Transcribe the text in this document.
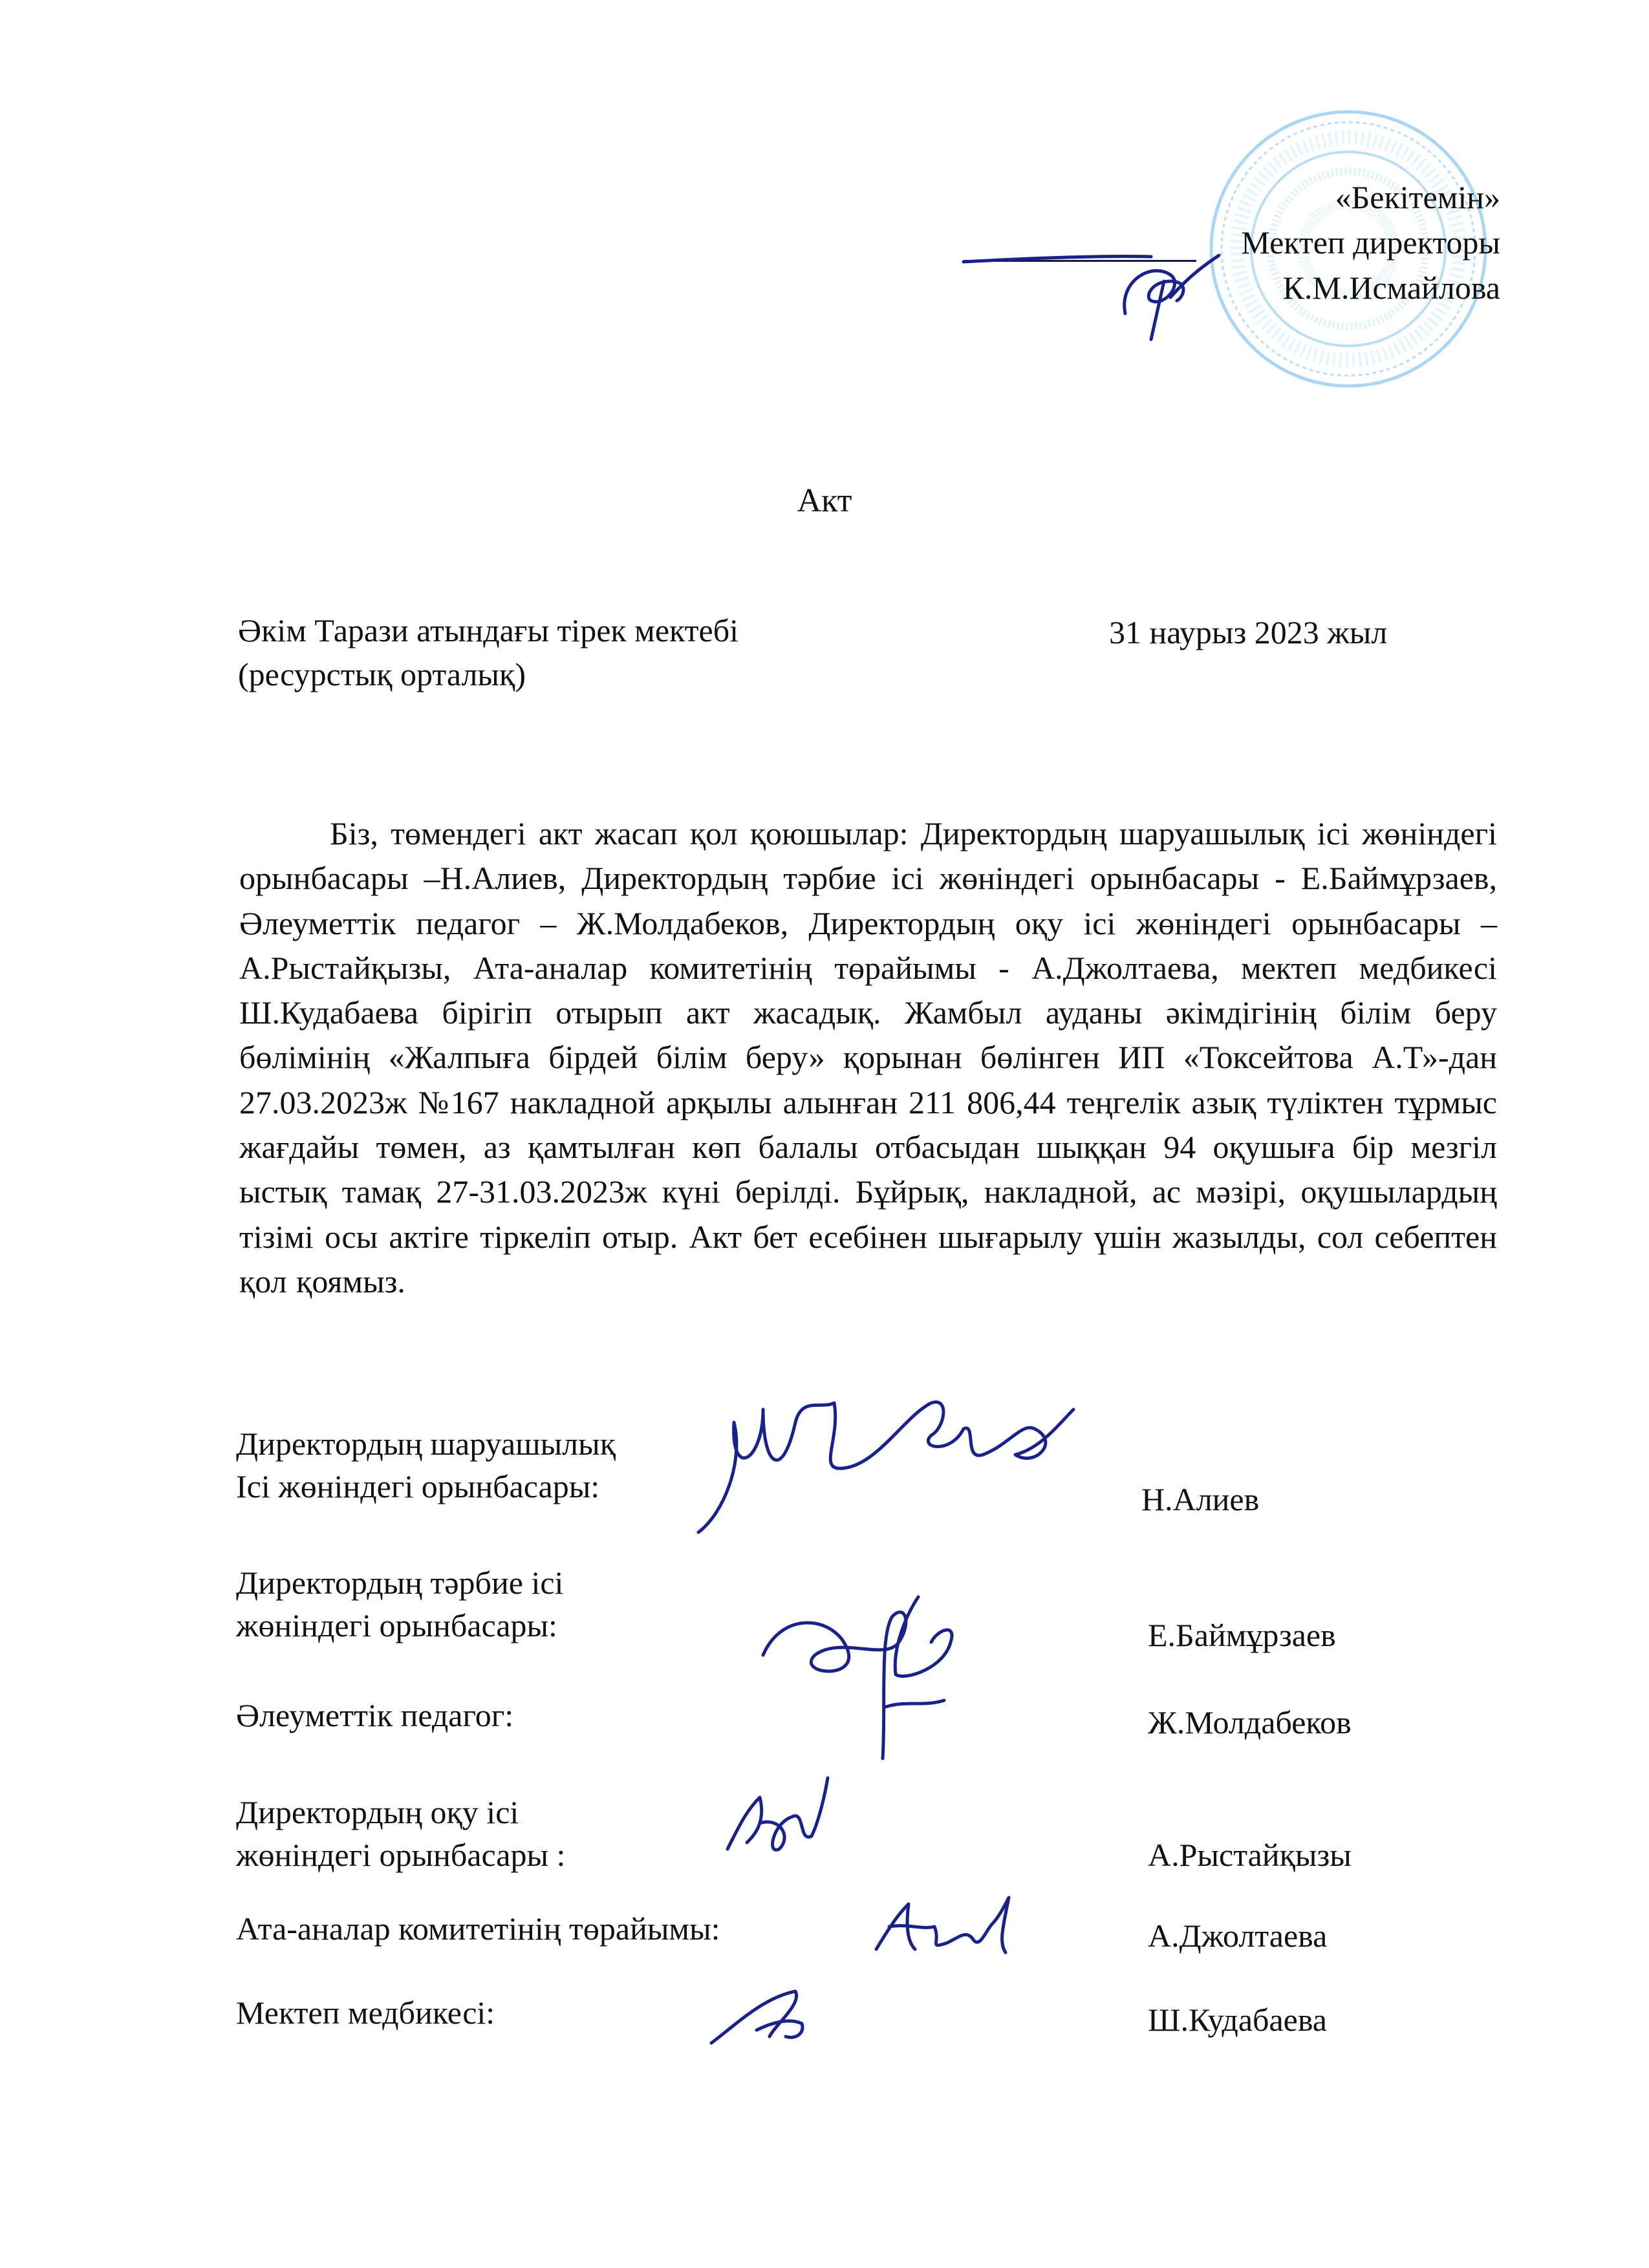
«Бекітемін»
Мектеп директоры
К.М.Исмайлова
Акт
Әкім Тарази атындағы тірек мектебі
(ресурстық орталық)
31 наурыз 2023 жыл
Біз, төмендегі акт жасап қол қоюшылар: Директордың шаруашылық ісі жөніндегі орынбасары –Н.Алиев, Директордың тәрбие ісі жөніндегі орынбасары - Е.Баймұрзаев, Әлеуметтік педагог – Ж.Молдабеков, Директордың оқу ісі жөніндегі орынбасары – А.Рыстайқызы, Ата-аналар комитетінің төрайымы - А.Джолтаева, мектеп медбикесі Ш.Кудабаева бірігіп отырып акт жасадық. Жамбыл ауданы әкімдігінің білім беру бөлімінің «Жалпыға бірдей білім беру» қорынан бөлінген ИП «Токсейтова А.Т»-дан 27.03.2023ж №167 накладной арқылы алынған 211 806,44 теңгелік азық түліктен тұрмыс жағдайы төмен, аз қамтылған көп балалы отбасыдан шыққан 94 оқушыға бір мезгіл ыстық тамақ 27-31.03.2023ж күні берілді. Бұйрық, накладной, ас мәзірі, оқушылардың тізімі осы актіге тіркеліп отыр. Акт бет есебінен шығарылу үшін жазылды, сол себептен қол қоямыз.
Директордың шаруашылық
Ісі жөніндегі орынбасары:	Н.Алиев
Директордың тәрбие ісі
жөніндегі орынбасары:	Е.Баймұрзаев
Әлеуметтік педагог:	Ж.Молдабеков
Директордың оқу ісі
жөніндегі орынбасары :	А.Рыстайқызы
Ата-аналар комитетінің төрайымы:	А.Джолтаева
Мектеп медбикесі:	Ш.Кудабаева
